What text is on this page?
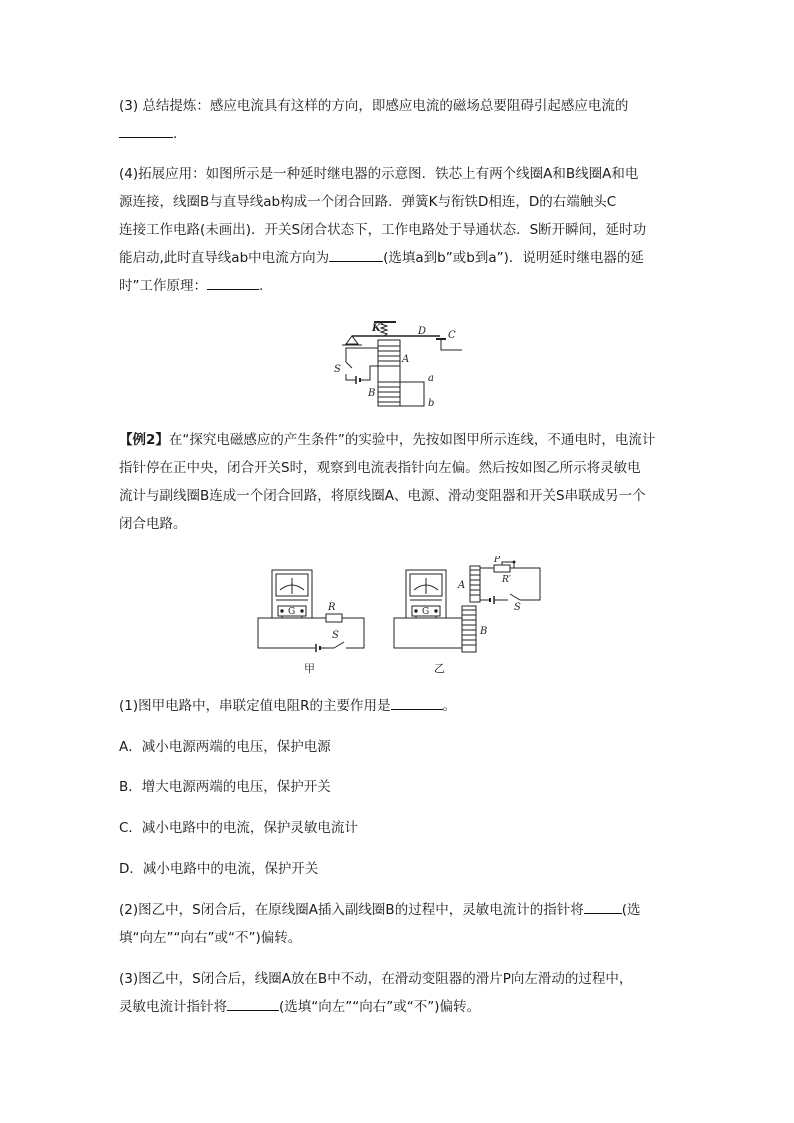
(3) 总结提炼：感应电流具有这样的方向，即感应电流的磁场总要阻碍引起感应电流的

.

(4)拓展应用：如图所示是一种延时继电器的示意图．铁芯上有两个线圈A和B线圈A和电

源连接，线圈B与直导线ab构成一个闭合回路．弹簧K与衔铁D相连，D的右端触头C

连接工作电路(未画出)．开关S闭合状态下，工作电路处于导通状态．S断开瞬间，延时功

能启动,此时直导线ab中电流方向为	(选填a到b”或b到a”)．说明延时继电器的延

时”工作原理：	.

K	D C
A
S
B
a
b

【例2】在“探究电磁感应的产生条件”的实验中，先按如图甲所示连线，不通电时，电流计

指针停在正中央，闭合开关S时，观察到电流表指针向左偏。然后按如图乙所示将灵敏电

流计与副线圈B连成一个闭合回路，将原线圈A、电源、滑动变阻器和开关S串联成另一个

闭合电路。

G	R
S
甲
G
A
B
P
R′
S
乙

(1)图甲电路中，串联定值电阻R的主要作用是	。

A．减小电源两端的电压，保护电源

B．增大电源两端的电压，保护开关

C．减小电路中的电流，保护灵敏电流计

D．减小电路中的电流，保护开关

(2)图乙中，S闭合后，在原线圈A插入副线圈B的过程中，灵敏电流计的指针将	(选

填“向左”“向右”或“不”)偏转。

(3)图乙中，S闭合后，线圈A放在B中不动，在滑动变阻器的滑片P向左滑动的过程中，

灵敏电流计指针将	(选填“向左”“向右”或“不”)偏转。
